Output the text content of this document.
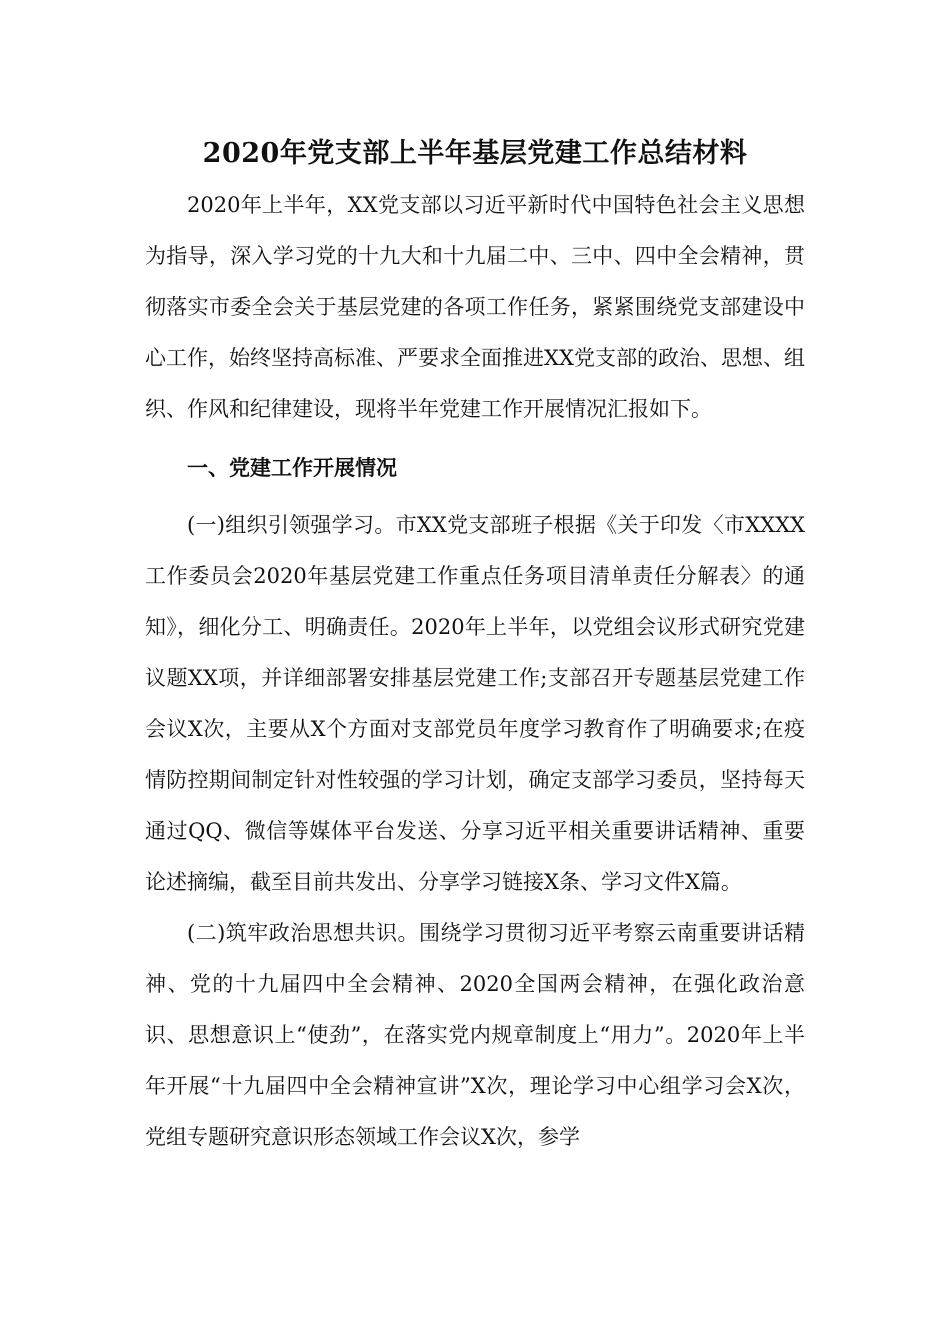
2020年党支部上半年基层党建工作总结材料

2020年上半年，XX党支部以习近平新时代中国特色社会主义思想为指导，深入学习党的十九大和十九届二中、三中、四中全会精神，贯彻落实市委全会关于基层党建的各项工作任务，紧紧围绕党支部建设中心工作，始终坚持高标准、严要求全面推进XX党支部的政治、思想、组织、作风和纪律建设，现将半年党建工作开展情况汇报如下。

一、党建工作开展情况

(一)组织引领强学习。市XX党支部班子根据《关于印发〈市XXXX工作委员会2020年基层党建工作重点任务项目清单责任分解表〉的通知》，细化分工、明确责任。2020年上半年，以党组会议形式研究党建议题XX项，并详细部署安排基层党建工作;支部召开专题基层党建工作会议X次，主要从X个方面对支部党员年度学习教育作了明确要求;在疫情防控期间制定针对性较强的学习计划，确定支部学习委员，坚持每天通过QQ、微信等媒体平台发送、分享习近平相关重要讲话精神、重要论述摘编，截至目前共发出、分享学习链接X条、学习文件X篇。

(二)筑牢政治思想共识。围绕学习贯彻习近平考察云南重要讲话精神、党的十九届四中全会精神、2020全国两会精神，在强化政治意识、思想意识上“使劲”，在落实党内规章制度上“用力”。2020年上半年开展“十九届四中全会精神宣讲”X次，理论学习中心组学习会X次，党组专题研究意识形态领域工作会议X次，参学
